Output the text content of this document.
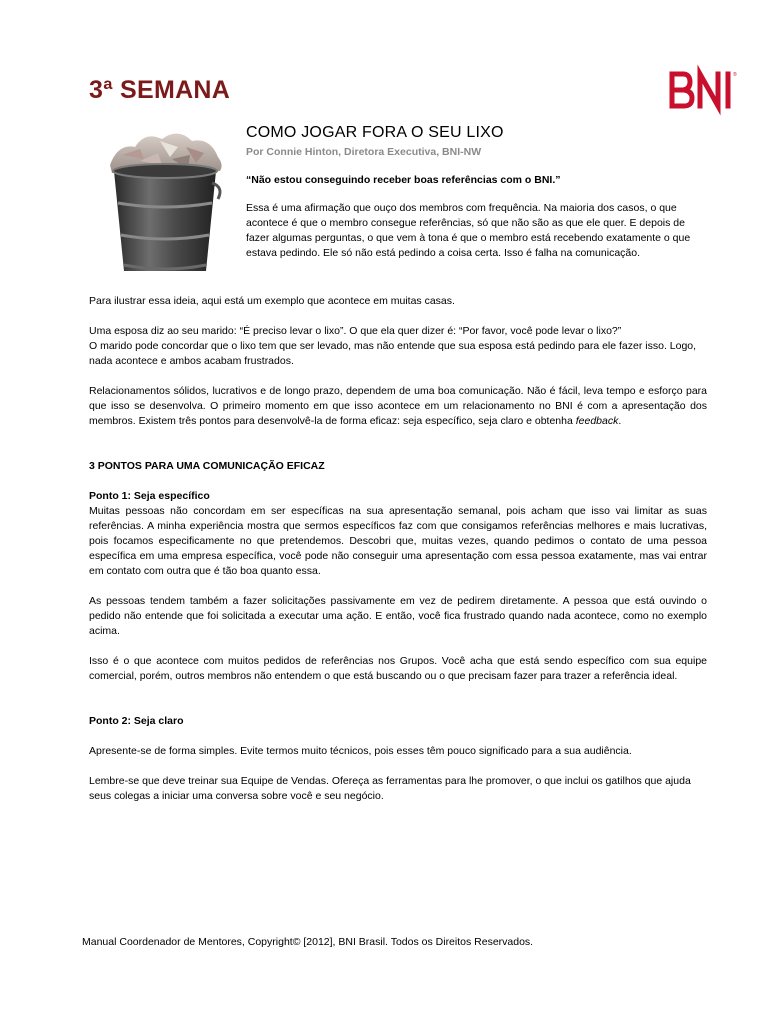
3ª SEMANA
®
COMO JOGAR FORA O SEU LIXO
Por Connie Hinton, Diretora Executiva, BNI-NW
“Não estou conseguindo receber boas referências com o BNI.”
Essa é uma afirmação que ouço dos membros com frequência. Na maioria dos casos, o que acontece é que o membro consegue referências, só que não são as que ele quer. E depois de fazer algumas perguntas, o que vem à tona é que o membro está recebendo exatamente o que estava pedindo. Ele só não está pedindo a coisa certa. Isso é falha na comunicação.

Para ilustrar essa ideia, aqui está um exemplo que acontece em muitas casas.

Uma esposa diz ao seu marido: “É preciso levar o lixo”. O que ela quer dizer é: “Por favor, você pode levar o lixo?”

O marido pode concordar que o lixo tem que ser levado, mas não entende que sua esposa está pedindo para ele fazer isso. Logo, nada acontece e ambos acabam frustrados.

Relacionamentos sólidos, lucrativos e de longo prazo, dependem de uma boa comunicação. Não é fácil, leva tempo e esforço para que isso se desenvolva. O primeiro momento em que isso acontece em um relacionamento no BNI é com a apresentação dos membros. Existem três pontos para desenvolvê-la de forma eficaz: seja específico, seja claro e obtenha feedback.

3 PONTOS PARA UMA COMUNICAÇÃO EFICAZ

Ponto 1: Seja específico

Muitas pessoas não concordam em ser específicas na sua apresentação semanal, pois acham que isso vai limitar as suas referências. A minha experiência mostra que sermos específicos faz com que consigamos referências melhores e mais lucrativas, pois focamos especificamente no que pretendemos. Descobri que, muitas vezes, quando pedimos o contato de uma pessoa específica em uma empresa específica, você pode não conseguir uma apresentação com essa pessoa exatamente, mas vai entrar em contato com outra que é tão boa quanto essa.

As pessoas tendem também a fazer solicitações passivamente em vez de pedirem diretamente. A pessoa que está ouvindo o pedido não entende que foi solicitada a executar uma ação. E então, você fica frustrado quando nada acontece, como no exemplo acima.

Isso é o que acontece com muitos pedidos de referências nos Grupos. Você acha que está sendo específico com sua equipe comercial, porém, outros membros não entendem o que está buscando ou o que precisam fazer para trazer a referência ideal.

Ponto 2: Seja claro

Apresente-se de forma simples. Evite termos muito técnicos, pois esses têm pouco significado para a sua audiência.

Lembre-se que deve treinar sua Equipe de Vendas. Ofereça as ferramentas para lhe promover, o que inclui os gatilhos que ajuda seus colegas a iniciar uma conversa sobre você e seu negócio.

Manual Coordenador de Mentores, Copyright© [2012], BNI Brasil. Todos os Direitos Reservados.
